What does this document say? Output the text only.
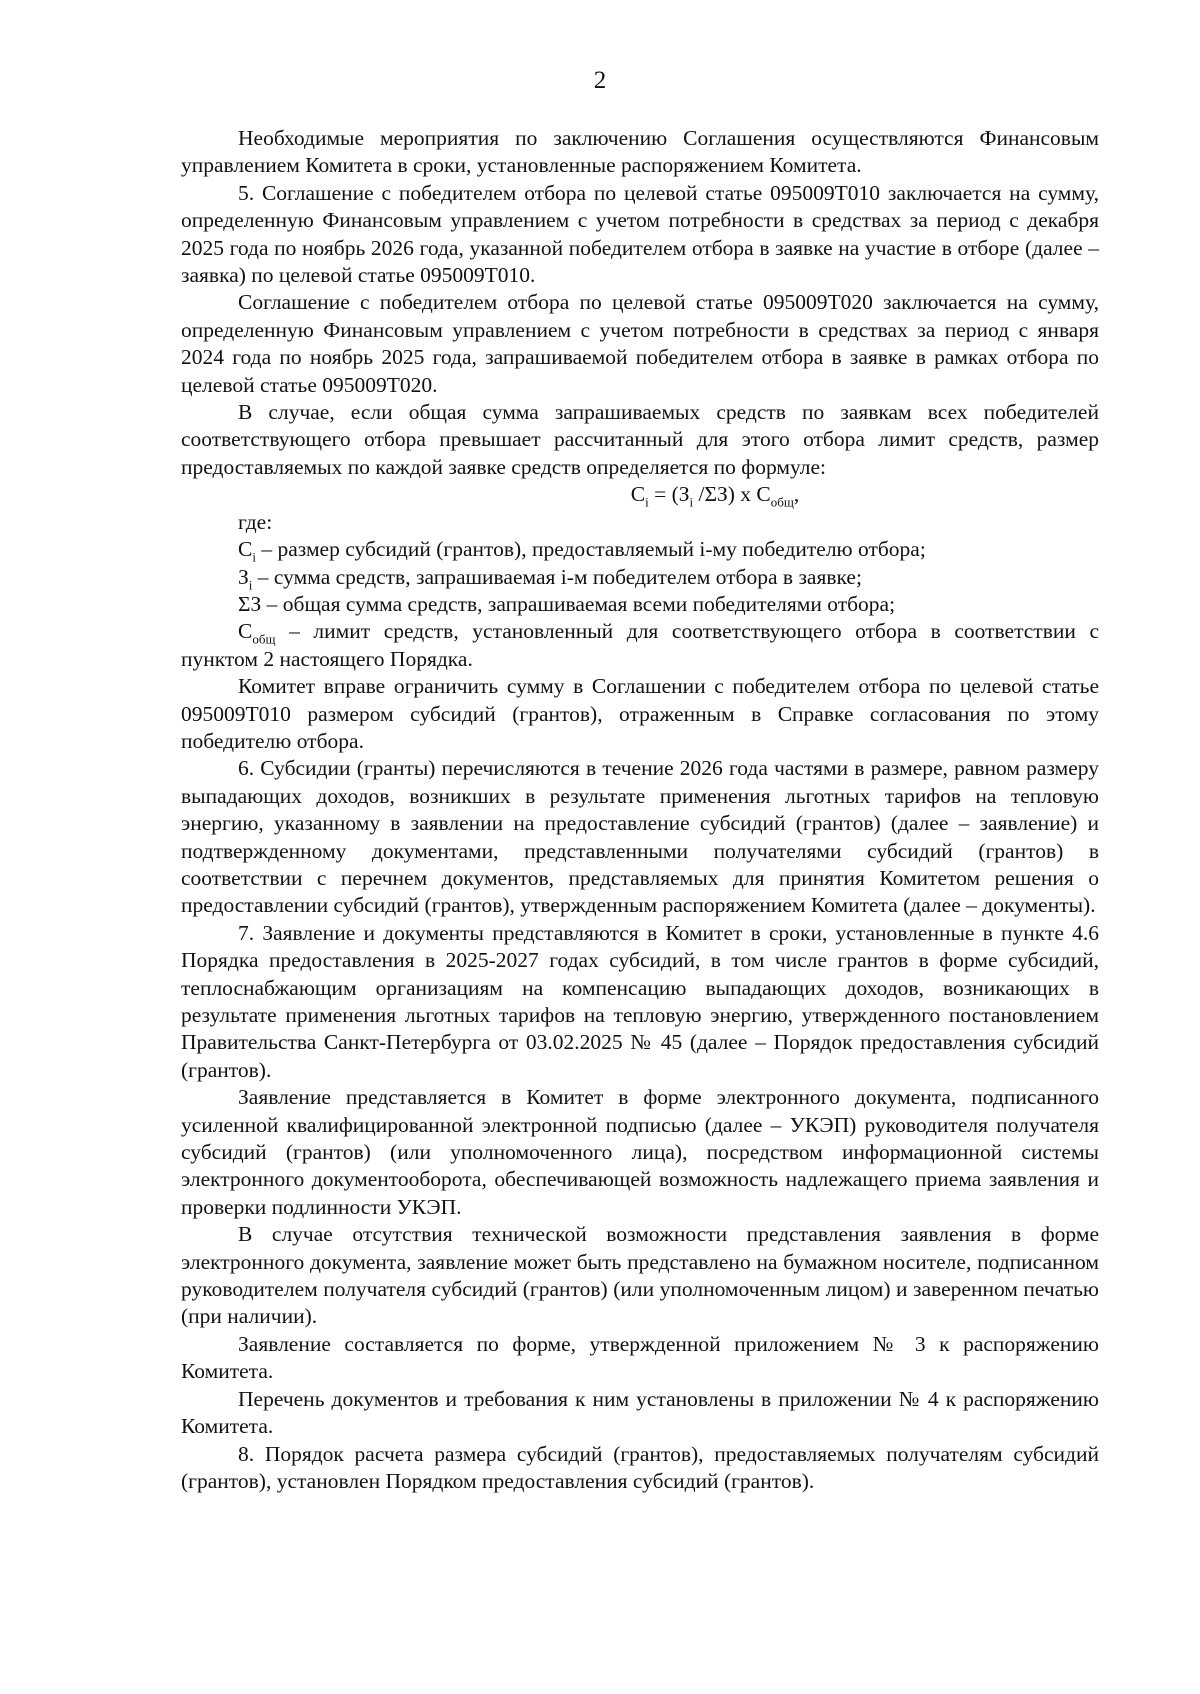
2

Необходимые мероприятия по заключению Соглашения осуществляются Финансовым управлением Комитета в сроки, установленные распоряжением Комитета.

5. Соглашение с победителем отбора по целевой статье 095009Т010 заключается на сумму, определенную Финансовым управлением с учетом потребности в средствах за период с декабря 2025 года по ноябрь 2026 года, указанной победителем отбора в заявке на участие в отборе (далее – заявка) по целевой статье 095009Т010.

Соглашение с победителем отбора по целевой статье 095009Т020 заключается на сумму, определенную Финансовым управлением с учетом потребности в средствах за период с января 2024 года по ноябрь 2025 года, запрашиваемой победителем отбора в заявке в рамках отбора по целевой статье 095009Т020.

В случае, если общая сумма запрашиваемых средств по заявкам всех победителей соответствующего отбора превышает рассчитанный для этого отбора лимит средств, размер предоставляемых по каждой заявке средств определяется по формуле:

$C_i = (З_i$ /ΣЗ) x $C_{общ}$,

где:

$C_i$ – размер субсидий (грантов), предоставляемый i-му победителю отбора;

$З_i$ – сумма средств, запрашиваемая i-м победителем отбора в заявке;

ΣЗ – общая сумма средств, запрашиваемая всеми победителями отбора;

$C_{общ}$ – лимит средств, установленный для соответствующего отбора в соответствии с пунктом 2 настоящего Порядка.

Комитет вправе ограничить сумму в Соглашении с победителем отбора по целевой статье 095009Т010 размером субсидий (грантов), отраженным в Справке согласования по этому победителю отбора.

6. Субсидии (гранты) перечисляются в течение 2026 года частями в размере, равном размеру выпадающих доходов, возникших в результате применения льготных тарифов на тепловую энергию, указанному в заявлении на предоставление субсидий (грантов) (далее – заявление) и подтвержденному документами, представленными получателями субсидий (грантов) в соответствии с перечнем документов, представляемых для принятия Комитетом решения о предоставлении субсидий (грантов), утвержденным распоряжением Комитета (далее – документы).

7. Заявление и документы представляются в Комитет в сроки, установленные в пункте 4.6 Порядка предоставления в 2025-2027 годах субсидий, в том числе грантов в форме субсидий, теплоснабжающим организациям на компенсацию выпадающих доходов, возникающих в результате применения льготных тарифов на тепловую энергию, утвержденного постановлением Правительства Санкт-Петербурга от 03.02.2025 № 45 (далее – Порядок предоставления субсидий (грантов).

Заявление представляется в Комитет в форме электронного документа, подписанного усиленной квалифицированной электронной подписью (далее – УКЭП) руководителя получателя субсидий (грантов) (или уполномоченного лица), посредством информационной системы электронного документооборота, обеспечивающей возможность надлежащего приема заявления и проверки подлинности УКЭП.

В случае отсутствия технической возможности представления заявления в форме электронного документа, заявление может быть представлено на бумажном носителе, подписанном руководителем получателя субсидий (грантов) (или уполномоченным лицом) и заверенном печатью (при наличии).

Заявление составляется по форме, утвержденной приложением № 3 к распоряжению Комитета.

Перечень документов и требования к ним установлены в приложении № 4 к распоряжению Комитета.

8. Порядок расчета размера субсидий (грантов), предоставляемых получателям субсидий (грантов), установлен Порядком предоставления субсидий (грантов).
